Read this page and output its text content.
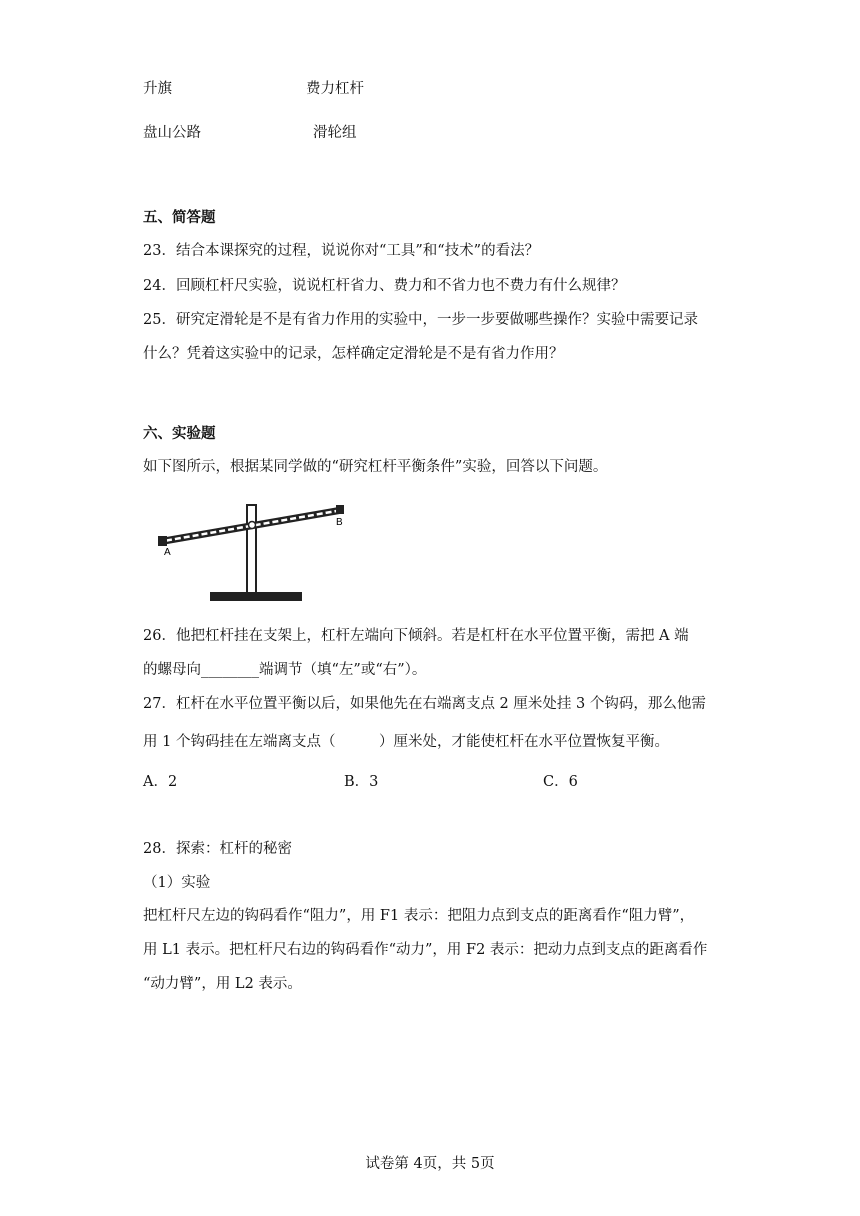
升旗	费力杠杆
盘山公路	滑轮组
五、简答题
23．结合本课探究的过程，说说你对“工具”和“技术”的看法？
24．回顾杠杆尺实验，说说杠杆省力、费力和不省力也不费力有什么规律？
25．研究定滑轮是不是有省力作用的实验中，一步一步要做哪些操作？实验中需要记录
什么？凭着这实验中的记录，怎样确定定滑轮是不是有省力作用？
六、实验题
如下图所示，根据某同学做的“研究杠杆平衡条件”实验，回答以下问题。
A
B
26．他把杠杆挂在支架上，杠杆左端向下倾斜。若是杠杆在水平位置平衡，需把 A 端
的螺母向________端调节（填“左”或“右”）。
27．杠杆在水平位置平衡以后，如果他先在右端离支点 2 厘米处挂 3 个钩码，那么他需
用 1 个钩码挂在左端离支点（　　　）厘米处，才能使杠杆在水平位置恢复平衡。
A．2	B．3	C．6
28．探索：杠杆的秘密
（1）实验
把杠杆尺左边的钩码看作“阻力”，用 F1 表示：把阻力点到支点的距离看作“阻力臂”，
用 L1 表示。把杠杆尺右边的钩码看作“动力”，用 F2 表示：把动力点到支点的距离看作
“动力臂”，用 L2 表示。
试卷第 4页，共 5页
